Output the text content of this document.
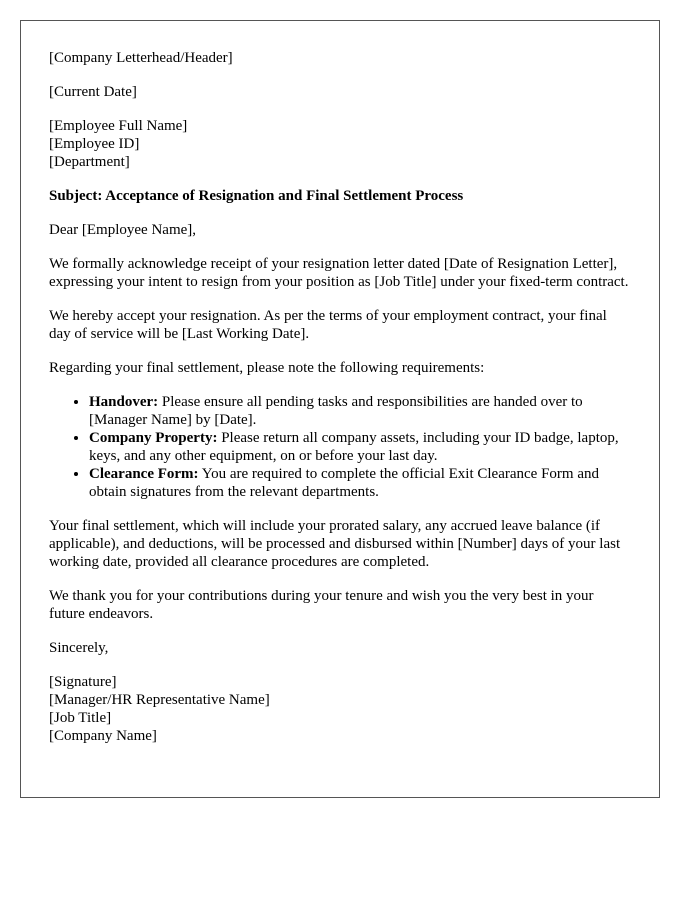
[Company Letterhead/Header]

[Current Date]

[Employee Full Name]
[Employee ID]
[Department]

Subject: Acceptance of Resignation and Final Settlement Process

Dear [Employee Name],

We formally acknowledge receipt of your resignation letter dated [Date of Resignation Letter], expressing your intent to resign from your position as [Job Title] under your fixed-term contract.

We hereby accept your resignation. As per the terms of your employment contract, your final day of service will be [Last Working Date].

Regarding your final settlement, please note the following requirements:

• Handover: Please ensure all pending tasks and responsibilities are handed over to [Manager Name] by [Date].
• Company Property: Please return all company assets, including your ID badge, laptop, keys, and any other equipment, on or before your last day.
• Clearance Form: You are required to complete the official Exit Clearance Form and obtain signatures from the relevant departments.

Your final settlement, which will include your prorated salary, any accrued leave balance (if applicable), and deductions, will be processed and disbursed within [Number] days of your last working date, provided all clearance procedures are completed.

We thank you for your contributions during your tenure and wish you the very best in your future endeavors.

Sincerely,

[Signature]
[Manager/HR Representative Name]
[Job Title]
[Company Name]
